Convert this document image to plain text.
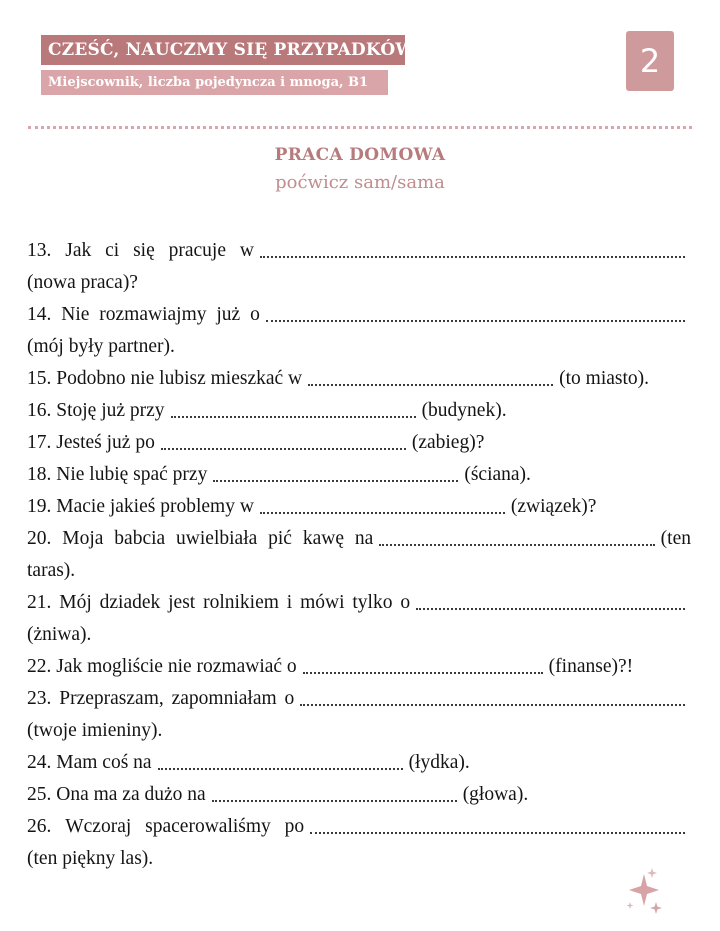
CZEŚĆ, NAUCZMY SIĘ PRZYPADKÓW
Miejscownik, liczba pojedyncza i mnoga, B1
2
PRACA DOMOWA
poćwicz sam/sama
13. Jak ci się pracuje w
(nowa praca)?
14. Nie rozmawiajmy już o
(mój były partner).
15. Podobno nie lubisz mieszkać w	(to miasto).
16. Stoję już przy	(budynek).
17. Jesteś już po	(zabieg)?
18. Nie lubię spać przy	(ściana).
19. Macie jakieś problemy w	(związek)?
20. Moja babcia uwielbiała pić kawę na	(ten
taras).
21. Mój dziadek jest rolnikiem i mówi tylko o
(żniwa).
22. Jak mogliście nie rozmawiać o	(finanse)?!
23. Przepraszam, zapomniałam o
(twoje imieniny).
24. Mam coś na	(łydka).
25. Ona ma za dużo na	(głowa).
26. Wczoraj spacerowaliśmy po
(ten piękny las).
